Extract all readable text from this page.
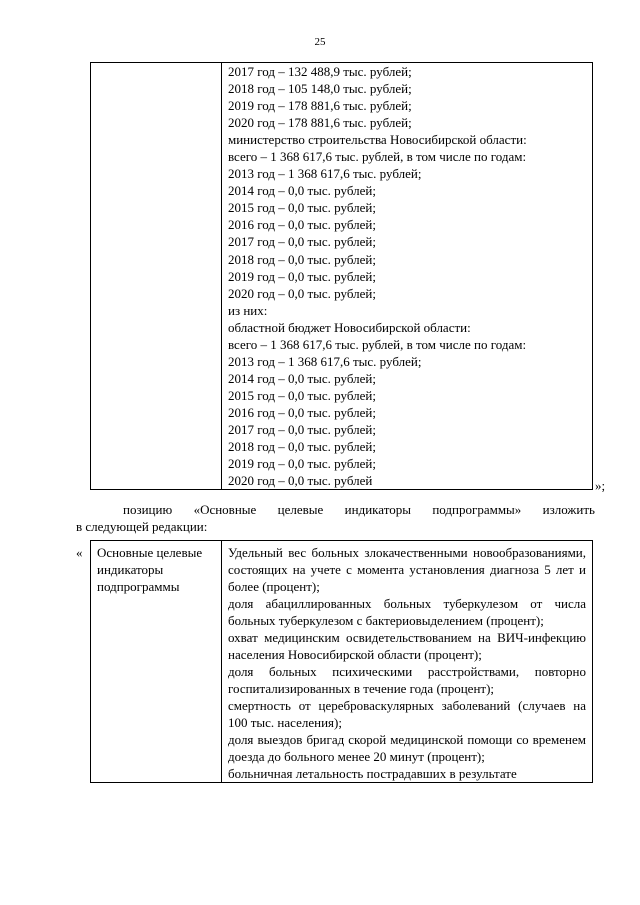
25

2017 год – 132 488,9 тыс. рублей;
2018 год – 105 148,0 тыс. рублей;
2019 год – 178 881,6 тыс. рублей;
2020 год – 178 881,6 тыс. рублей;
министерство строительства Новосибирской области:
всего – 1 368 617,6 тыс. рублей, в том числе по годам:
2013 год – 1 368 617,6 тыс. рублей;
2014 год – 0,0 тыс. рублей;
2015 год – 0,0 тыс. рублей;
2016 год – 0,0 тыс. рублей;
2017 год – 0,0 тыс. рублей;
2018 год – 0,0 тыс. рублей;
2019 год – 0,0 тыс. рублей;
2020 год – 0,0 тыс. рублей;
из них:
областной бюджет Новосибирской области:
всего – 1 368 617,6 тыс. рублей, в том числе по годам:
2013 год – 1 368 617,6 тыс. рублей;
2014 год – 0,0 тыс. рублей;
2015 год – 0,0 тыс. рублей;
2016 год – 0,0 тыс. рублей;
2017 год – 0,0 тыс. рублей;
2018 год – 0,0 тыс. рублей;
2019 год – 0,0 тыс. рублей;
2020 год – 0,0 тыс. рублей	»;
позицию «Основные целевые индикаторы подпрограммы» изложить
в следующей редакции:
«	Основные целевые индикаторы подпрограммы

Удельный вес больных злокачественными новообразованиями, состоящих на учете с момента установления диагноза 5 лет и более (процент);
доля абациллированных больных туберкулезом от числа больных туберкулезом с бактериовыделением (процент);
охват медицинским освидетельствованием на ВИЧ-инфекцию населения Новосибирской области (процент);
доля больных психическими расстройствами, повторно госпитализированных в течение года (процент);
смертность от цереброваскулярных заболеваний (случаев на 100 тыс. населения);
доля выездов бригад скорой медицинской помощи со временем доезда до больного менее 20 минут (процент);
больничная летальность пострадавших в результате
